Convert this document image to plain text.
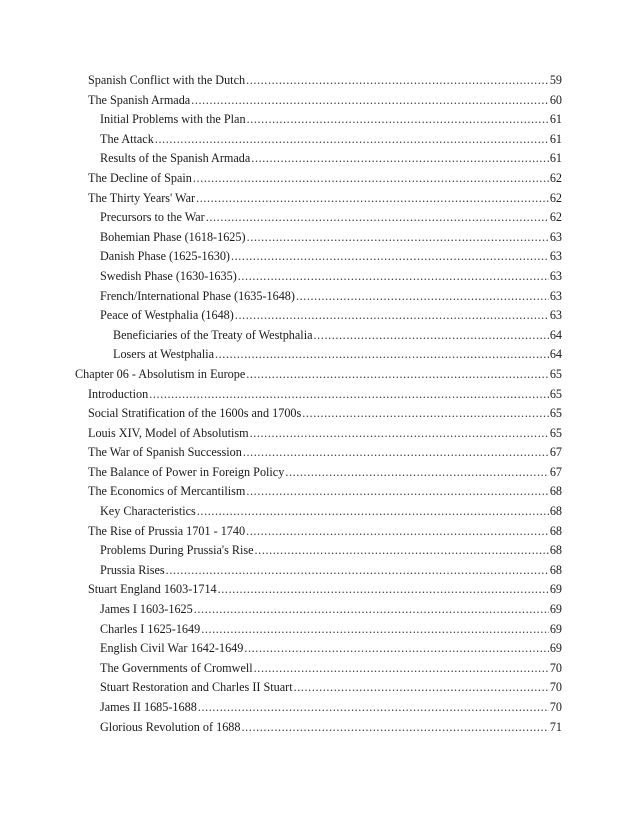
Spanish Conflict with the Dutch .....	59
The Spanish Armada .....	60
Initial Problems with the Plan .....	61
The Attack .....	61
Results of the Spanish Armada .....	61
The Decline of Spain .....	62
The Thirty Years' War .....	62
Precursors to the War .....	62
Bohemian Phase (1618-1625) .....	63
Danish Phase (1625-1630) .....	63
Swedish Phase (1630-1635) .....	63
French/International Phase (1635-1648) .....	63
Peace of Westphalia (1648) .....	63
Beneficiaries of the Treaty of Westphalia .....	64
Losers at Westphalia .....	64
Chapter 06 - Absolutism in Europe .....	65
Introduction .....	65
Social Stratification of the 1600s and 1700s .....	65
Louis XIV, Model of Absolutism .....	65
The War of Spanish Succession .....	67
The Balance of Power in Foreign Policy .....	67
The Economics of Mercantilism .....	68
Key Characteristics .....	68
The Rise of Prussia 1701 - 1740 .....	68
Problems During Prussia's Rise .....	68
Prussia Rises .....	68
Stuart England 1603-1714 .....	69
James I 1603-1625 .....	69
Charles I 1625-1649 .....	69
English Civil War 1642-1649 .....	69
The Governments of Cromwell .....	70
Stuart Restoration and Charles II Stuart .....	70
James II 1685-1688 .....	70
Glorious Revolution of 1688 .....	71
